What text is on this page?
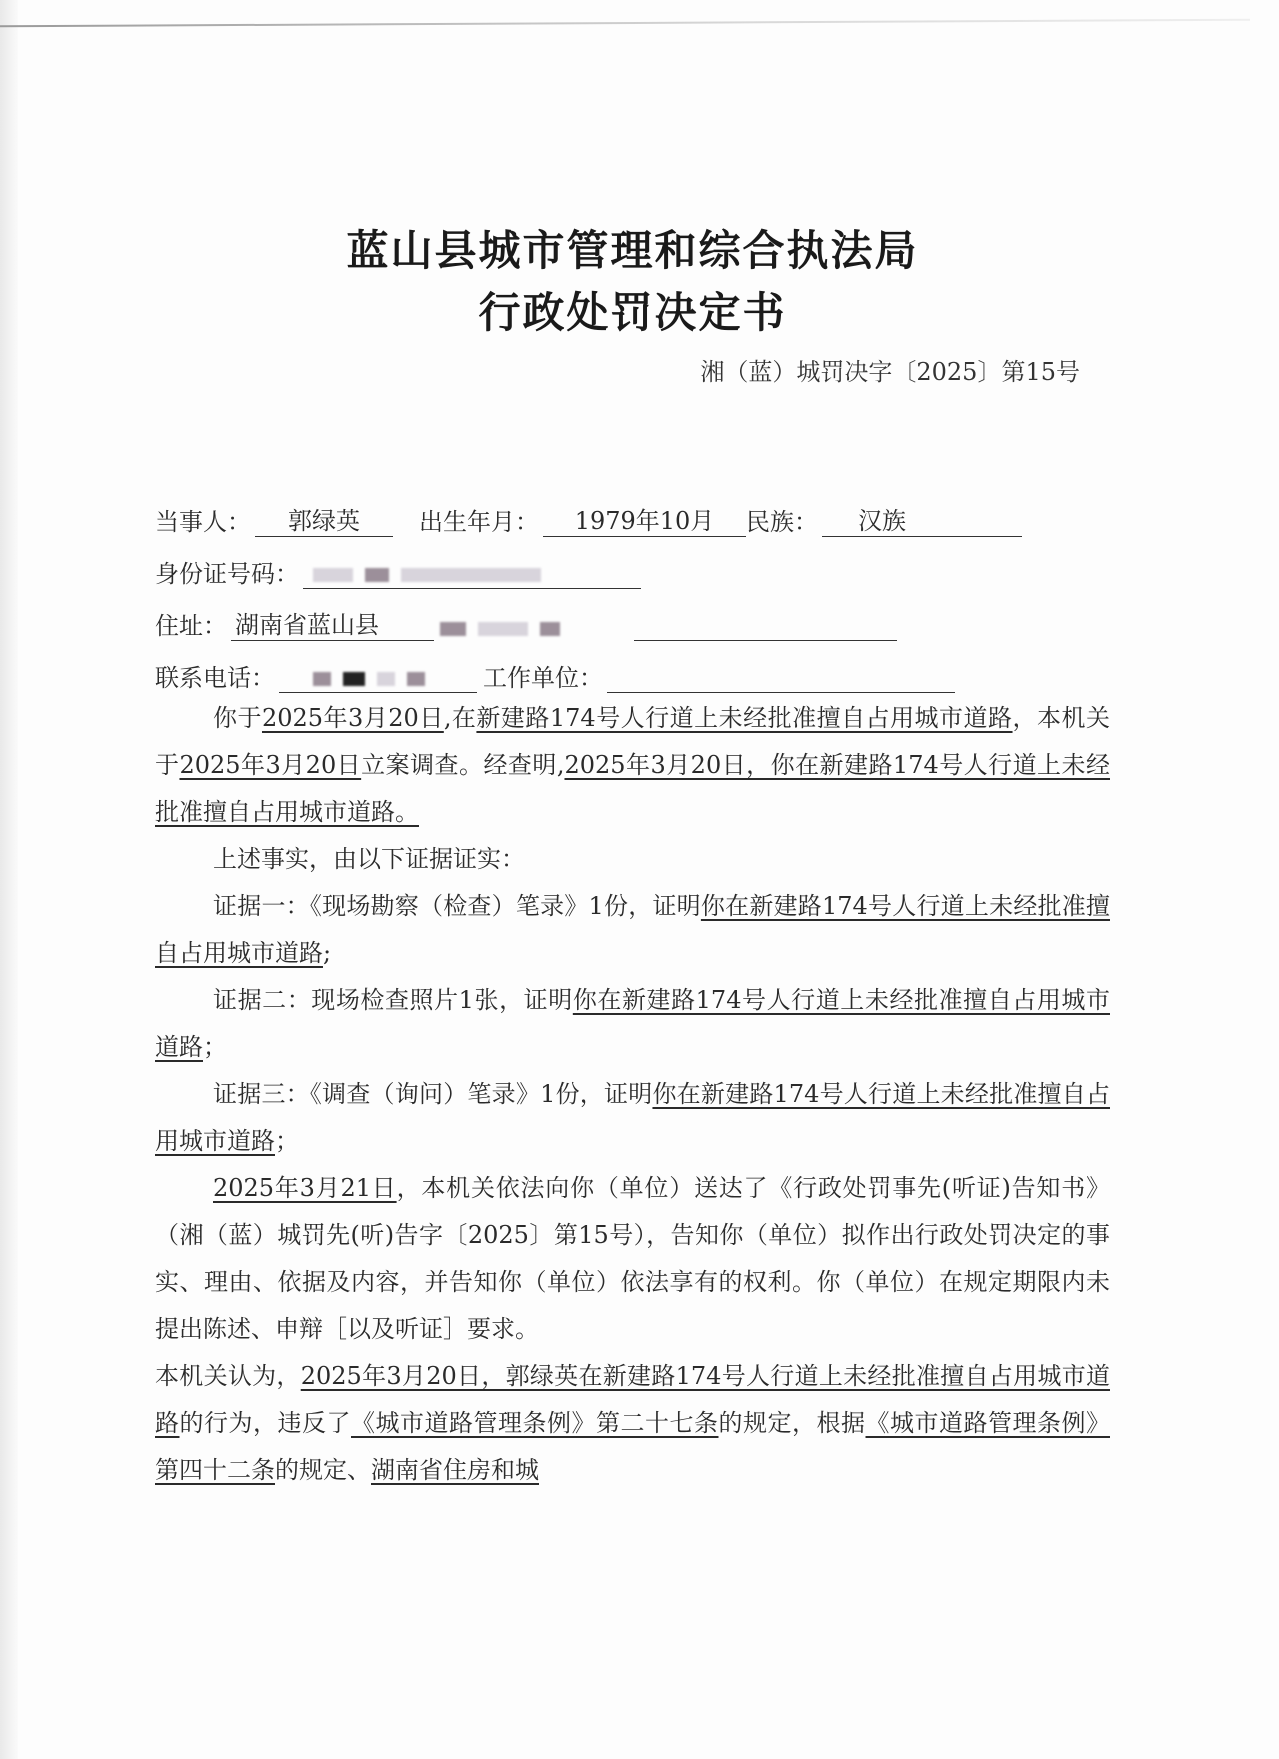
蓝山县城市管理和综合执法局
行政处罚决定书
湘（蓝）城罚决字〔2025〕第15号
当事人：	郭绿英	出生年月：	1979年10月	民族：	汉族
身份证号码：
住址： 湖南省蓝山县
联系电话：	工作单位：

你于2025年3月20日,在新建路174号人行道上未经批准擅自占用城市道路，本机关于2025年3月20日立案调查。经查明,2025年3月20日，你在新建路174号人行道上未经批准擅自占用城市道路。

上述事实，由以下证据证实：

证据一：《现场勘察（检查）笔录》1份，证明你在新建路174号人行道上未经批准擅自占用城市道路;

证据二：现场检查照片1张，证明你在新建路174号人行道上未经批准擅自占用城市道路；

证据三：《调查（询问）笔录》1份，证明你在新建路174号人行道上未经批准擅自占用城市道路；

2025年3月21日，本机关依法向你（单位）送达了《行政处罚事先(听证)告知书》（湘（蓝）城罚先(听)告字〔2025〕第15号），告知你（单位）拟作出行政处罚决定的事实、理由、依据及内容，并告知你（单位）依法享有的权利。你（单位）在规定期限内未提出陈述、申辩［以及听证］要求。

本机关认为，2025年3月20日，郭绿英在新建路174号人行道上未经批准擅自占用城市道路的行为，违反了《城市道路管理条例》第二十七条的规定，根据《城市道路管理条例》第四十二条的规定、湖南省住房和城
